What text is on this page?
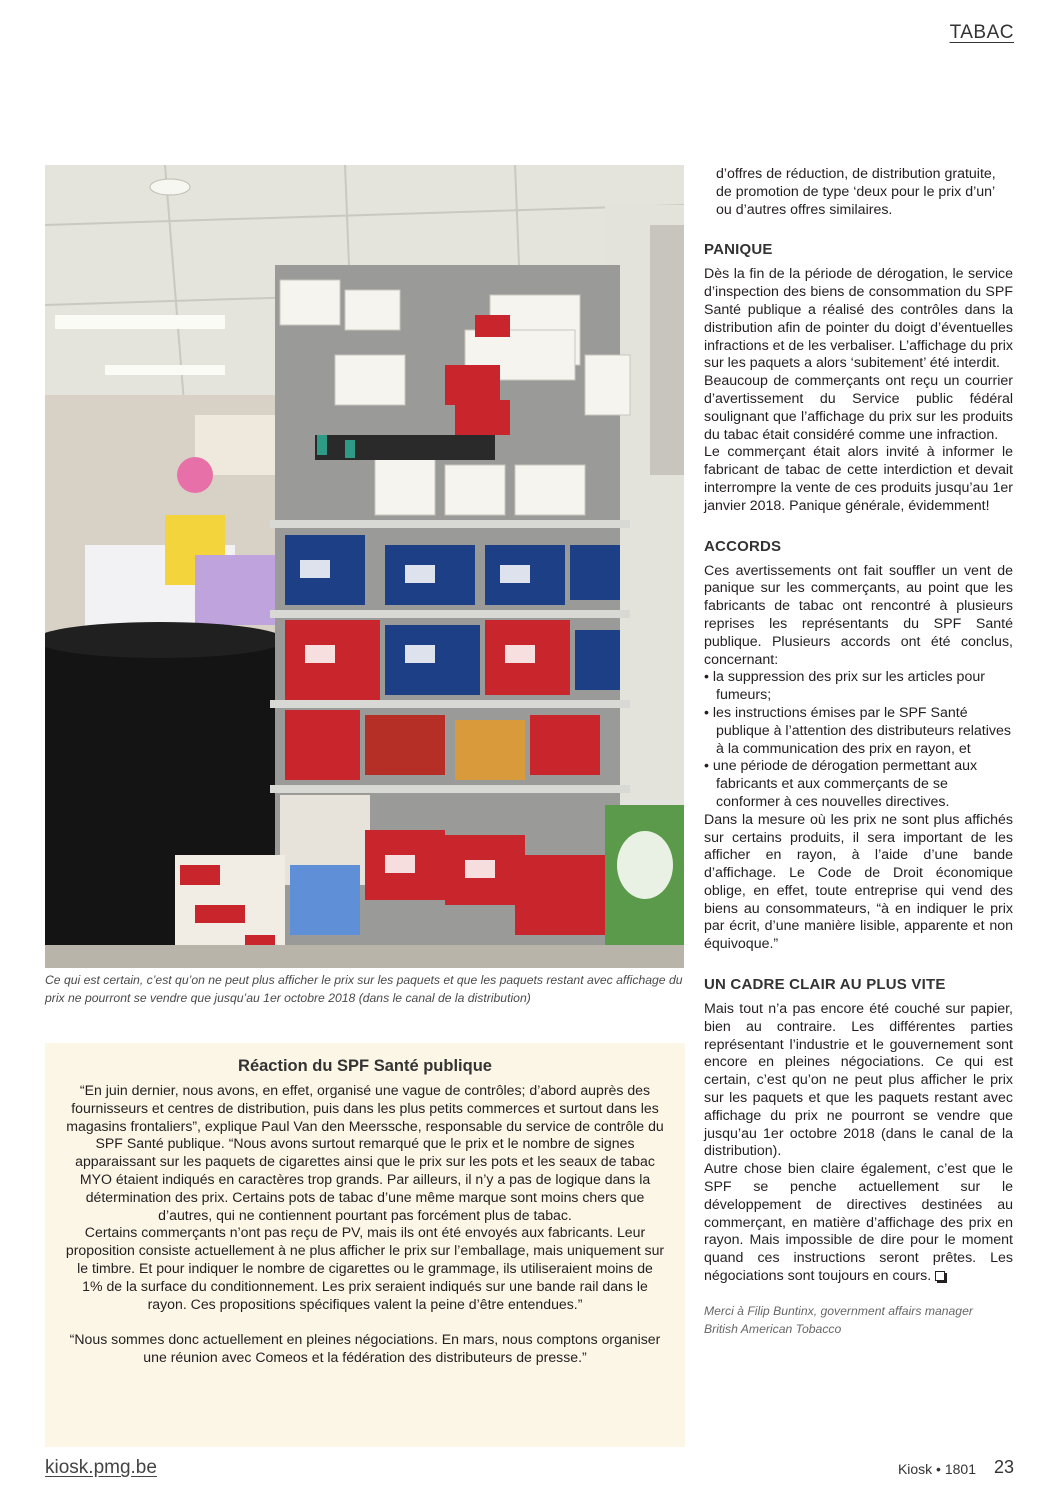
TABAC
Ce qui est certain, c’est qu’on ne peut plus afficher le prix sur les paquets et que les paquets restant avec affichage du prix ne pourront se vendre que jusqu’au 1er octobre 2018 (dans le canal de la distribution)
Réaction du SPF Santé publique

“En juin dernier, nous avons, en effet, organisé une vague de contrôles; d’abord auprès des fournisseurs et centres de distribution, puis dans les plus petits commerces et surtout dans les magasins frontaliers”, explique Paul Van den Meerssche, responsable du service de contrôle du SPF Santé publique. “Nous avons surtout remarqué que le prix et le nombre de signes apparaissant sur les paquets de cigarettes ainsi que le prix sur les pots et les seaux de tabac MYO étaient indiqués en caractères trop grands. Par ailleurs, il n’y a pas de logique dans la détermination des prix. Certains pots de tabac d’une même marque sont moins chers que d’autres, qui ne contiennent pourtant pas forcément plus de tabac.

Certains commerçants n’ont pas reçu de PV, mais ils ont été envoyés aux fabricants. Leur proposition consiste actuellement à ne plus afficher le prix sur l’emballage, mais uniquement sur le timbre. Et pour indiquer le nombre de cigarettes ou le grammage, ils utiliseraient moins de 1% de la surface du conditionnement. Les prix seraient indiqués sur une bande rail dans le rayon. Ces propositions spécifiques valent la peine d’être entendues.”

“Nous sommes donc actuellement en pleines négociations. En mars, nous comptons organiser une réunion avec Comeos et la fédération des distributeurs de presse.”

d’offres de réduction, de distribution gratuite, de promotion de type ‘deux pour le prix d’un’ ou d’autres offres similaires.

PANIQUE

Dès la fin de la période de dérogation, le service d’inspection des biens de consommation du SPF Santé publique a réalisé des contrôles dans la distribution afin de pointer du doigt d’éventuelles infractions et de les verbaliser. L’affichage du prix sur les paquets a alors ‘subitement’ été interdit.

Beaucoup de commerçants ont reçu un courrier d’avertissement du Service public fédéral soulignant que l’affichage du prix sur les produits du tabac était considéré comme une infraction.

Le commerçant était alors invité à informer le fabricant de tabac de cette interdiction et devait interrompre la vente de ces produits jusqu’au 1er janvier 2018. Panique générale, évidemment!

ACCORDS

Ces avertissements ont fait souffler un vent de panique sur les commerçants, au point que les fabricants de tabac ont rencontré à plusieurs reprises les représentants du SPF Santé publique. Plusieurs accords ont été conclus, concernant:

• la suppression des prix sur les articles pour fumeurs;

• les instructions émises par le SPF Santé publique à l’attention des distributeurs relatives à la communication des prix en rayon, et

• une période de dérogation permettant aux fabricants et aux commerçants de se conformer à ces nouvelles directives.

Dans la mesure où les prix ne sont plus affichés sur certains produits, il sera important de les afficher en rayon, à l’aide d’une bande d’affichage. Le Code de Droit économique oblige, en effet, toute entreprise qui vend des biens au consommateurs, “à en indiquer le prix par écrit, d’une manière lisible, apparente et non équivoque.”

UN CADRE CLAIR AU PLUS VITE

Mais tout n’a pas encore été couché sur papier, bien au contraire. Les différentes parties représentant l’industrie et le gouvernement sont encore en pleines négociations. Ce qui est certain, c’est qu’on ne peut plus afficher le prix sur les paquets et que les paquets restant avec affichage du prix ne pourront se vendre que jusqu’au 1er octobre 2018 (dans le canal de la distribution).

Autre chose bien claire également, c’est que le SPF se penche actuellement sur le développement de directives destinées au commerçant, en matière d’affichage des prix en rayon. Mais impossible de dire pour le moment quand ces instructions seront prêtes. Les négociations sont toujours en cours.

Merci à Filip Buntinx, government affairs manager
British American Tobacco

kiosk.pmg.be	Kiosk • 1801 23
